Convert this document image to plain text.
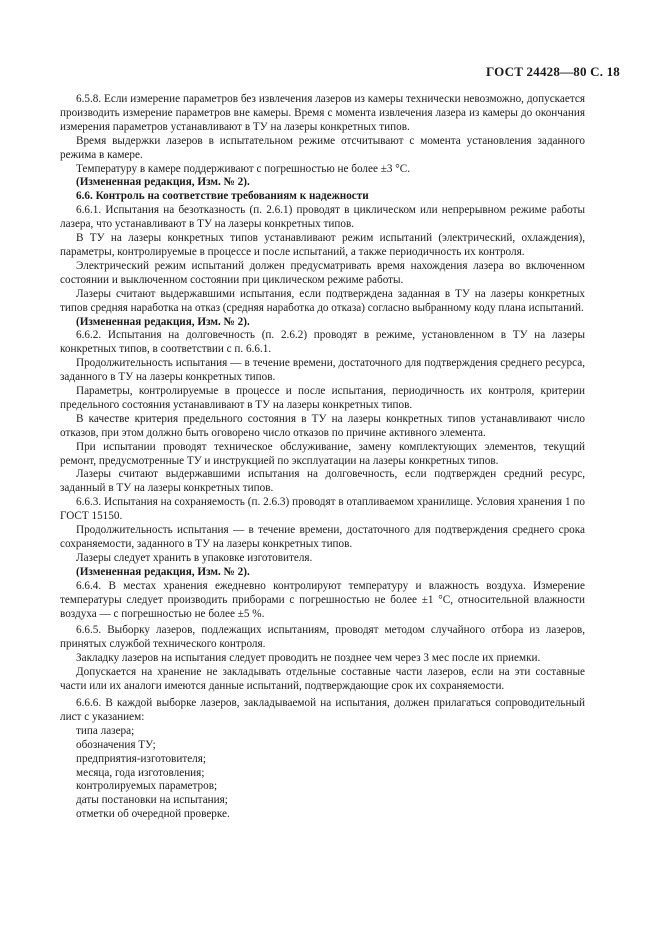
ГОСТ 24428—80 С. 18

6.5.8. Если измерение параметров без извлечения лазеров из камеры технически невозможно, допускается производить измерение параметров вне камеры. Время с момента извлечения лазера из камеры до окончания измерения параметров устанавливают в ТУ на лазеры конкретных типов.

Время выдержки лазеров в испытательном режиме отсчитывают с момента установления заданного режима в камере.

Температуру в камере поддерживают с погрешностью не более ±3 °С.

(Измененная редакция, Изм. № 2).

6.6. Контроль на соответствие требованиям к надежности

6.6.1. Испытания на безотказность (п. 2.6.1) проводят в циклическом или непрерывном режиме работы лазера, что устанавливают в ТУ на лазеры конкретных типов.

В ТУ на лазеры конкретных типов устанавливают режим испытаний (электрический, охлаждения), параметры, контролируемые в процессе и после испытаний, а также периодичность их контроля.

Электрический режим испытаний должен предусматривать время нахождения лазера во включенном состоянии и выключенном состоянии при циклическом режиме работы.

Лазеры считают выдержавшими испытания, если подтверждена заданная в ТУ на лазеры конкретных типов средняя наработка на отказ (средняя наработка до отказа) согласно выбранному коду плана испытаний.

(Измененная редакция, Изм. № 2).

6.6.2. Испытания на долговечность (п. 2.6.2) проводят в режиме, установленном в ТУ на лазеры конкретных типов, в соответствии с п. 6.6.1.

Продолжительность испытания — в течение времени, достаточного для подтверждения среднего ресурса, заданного в ТУ на лазеры конкретных типов.

Параметры, контролируемые в процессе и после испытания, периодичность их контроля, критерии предельного состояния устанавливают в ТУ на лазеры конкретных типов.

В качестве критерия предельного состояния в ТУ на лазеры конкретных типов устанавливают число отказов, при этом должно быть оговорено число отказов по причине активного элемента.

При испытании проводят техническое обслуживание, замену комплектующих элементов, текущий ремонт, предусмотренные ТУ и инструкцией по эксплуатации на лазеры конкретных типов.

Лазеры считают выдержавшими испытания на долговечность, если подтвержден средний ресурс, заданный в ТУ на лазеры конкретных типов.

6.6.3. Испытания на сохраняемость (п. 2.6.3) проводят в отапливаемом хранилище. Условия хранения 1 по ГОСТ 15150.

Продолжительность испытания — в течение времени, достаточного для подтверждения среднего срока сохраняемости, заданного в ТУ на лазеры конкретных типов.

Лазеры следует хранить в упаковке изготовителя.

(Измененная редакция, Изм. № 2).

6.6.4. В местах хранения ежедневно контролируют температуру и влажность воздуха. Измерение температуры следует производить приборами с погрешностью не более ±1 °С, относительной влажности воздуха — с погрешностью не более ±5 %.

6.6.5. Выборку лазеров, подлежащих испытаниям, проводят методом случайного отбора из лазеров, принятых службой технического контроля.

Закладку лазеров на испытания следует проводить не позднее чем через 3 мес после их приемки.

Допускается на хранение не закладывать отдельные составные части лазеров, если на эти составные части или их аналоги имеются данные испытаний, подтверждающие срок их сохраняемости.

6.6.6. В каждой выборке лазеров, закладываемой на испытания, должен прилагаться сопроводительный лист с указанием:

типа лазера;

обозначения ТУ;

предприятия-изготовителя;

месяца, года изготовления;

контролируемых параметров;

даты постановки на испытания;

отметки об очередной проверке.
